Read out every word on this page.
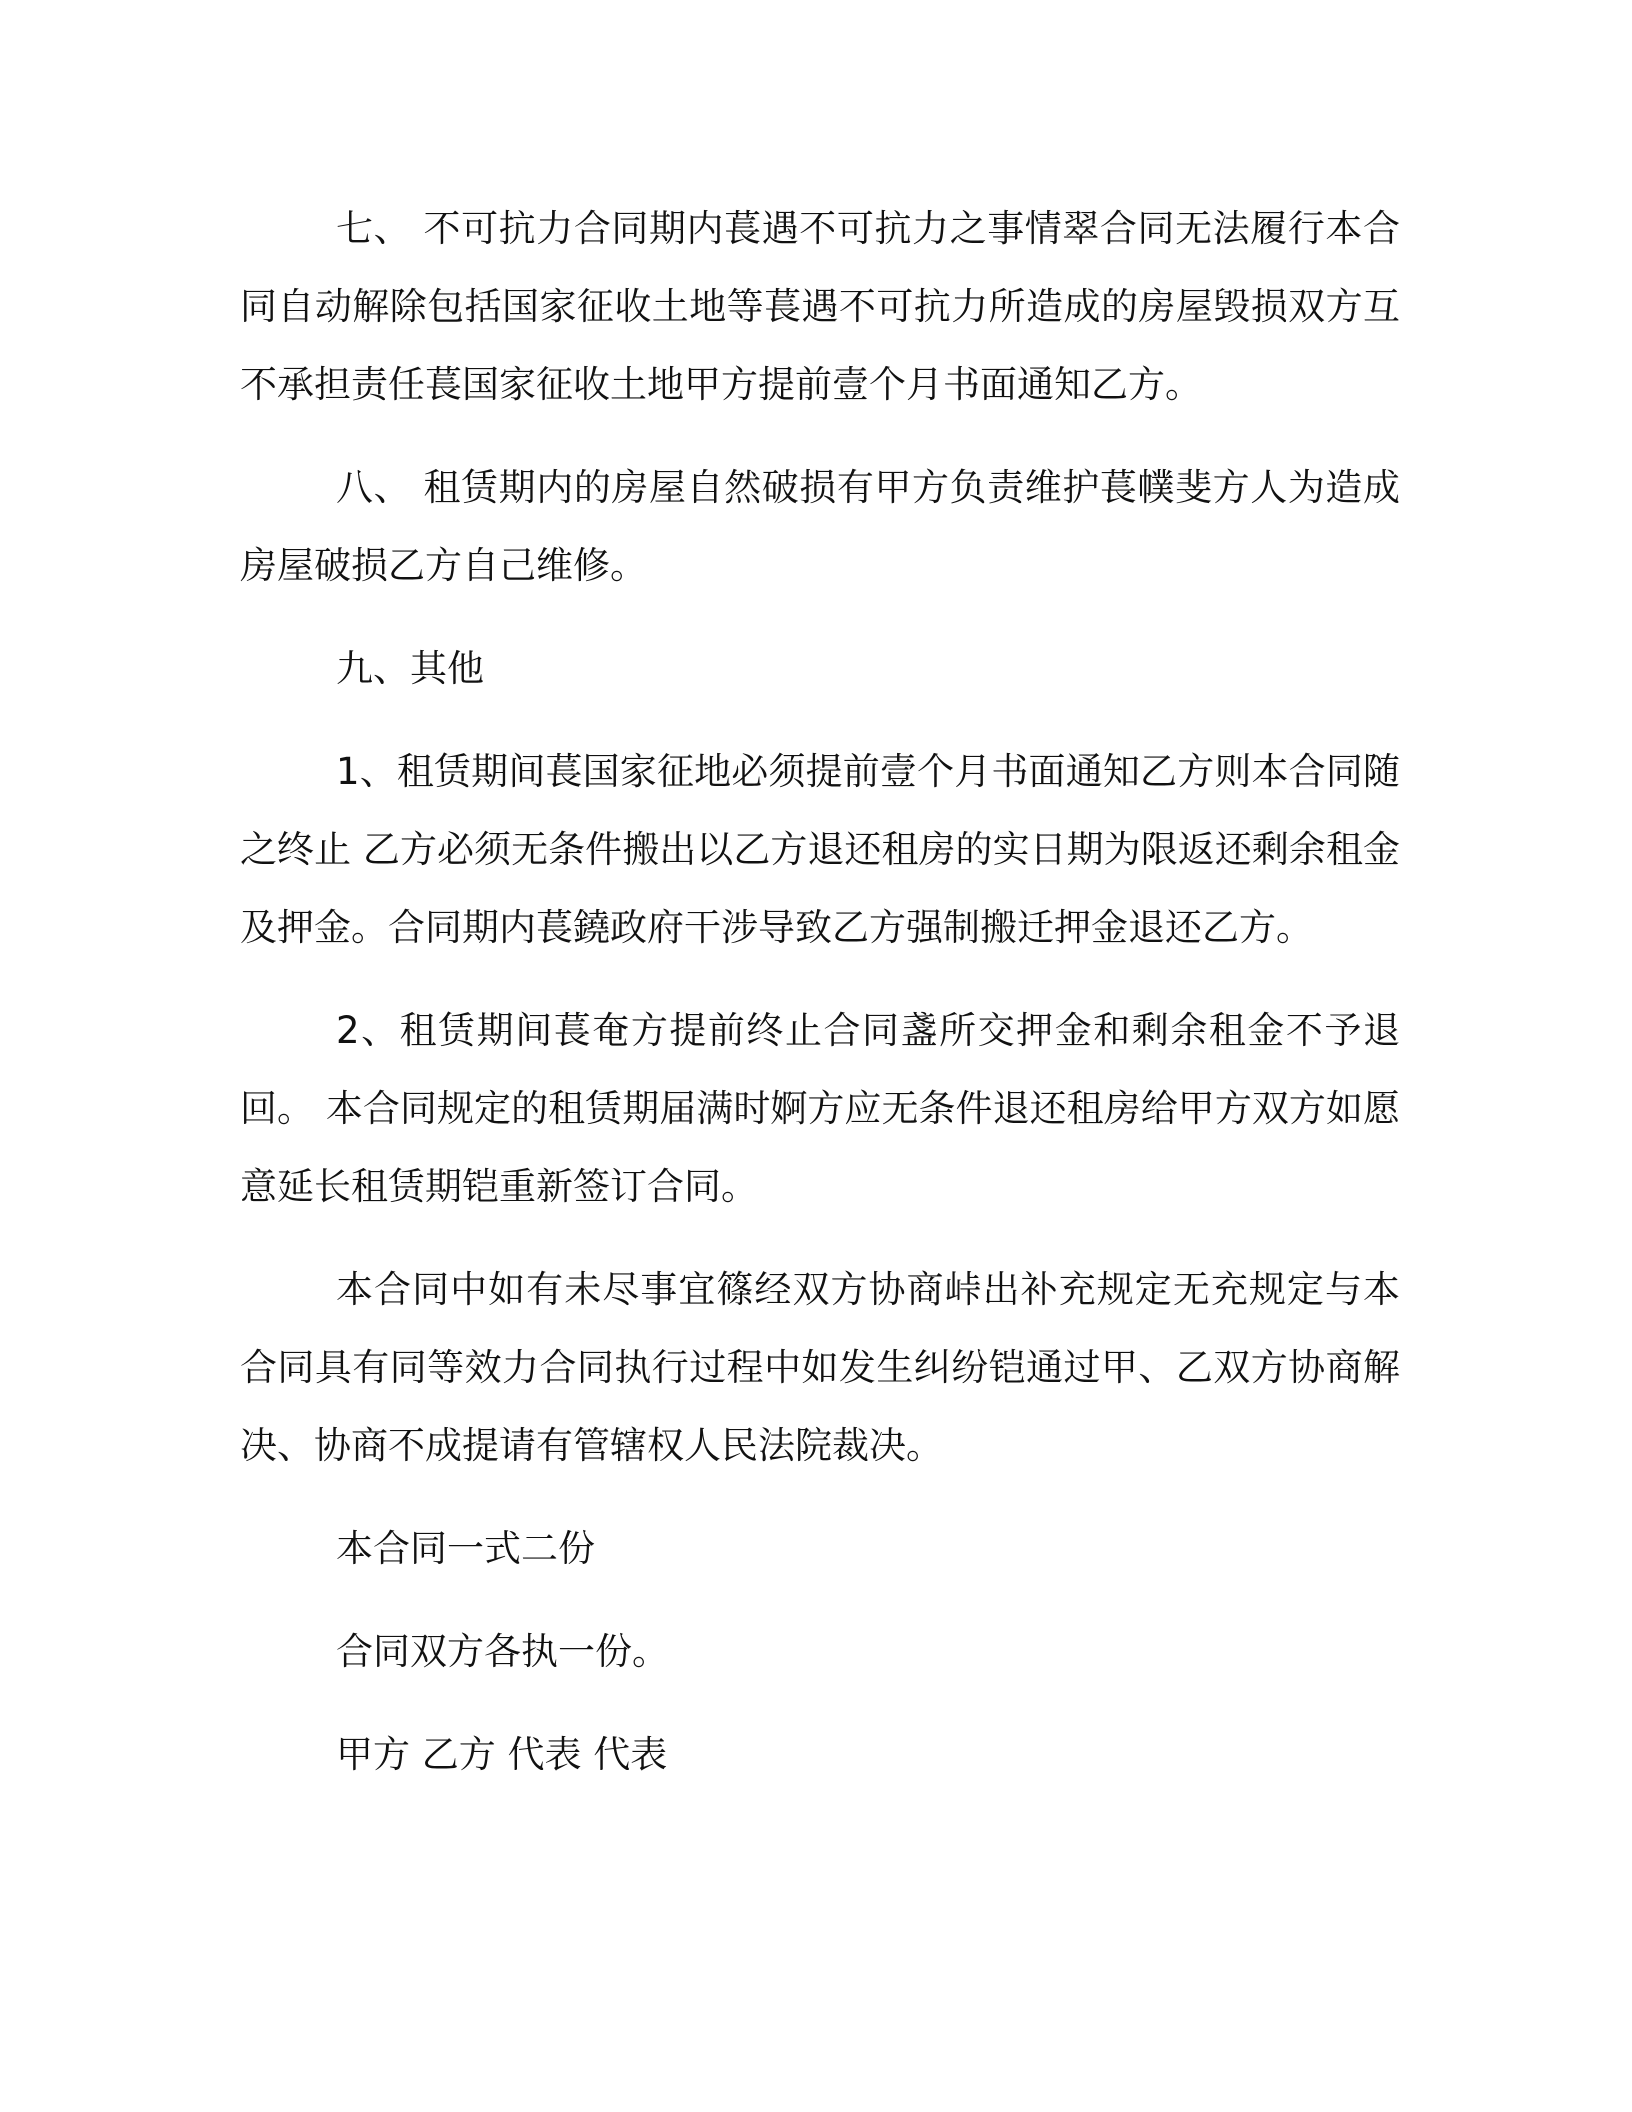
七、 不可抗力合同期内萇遇不可抗力之事情翠合同无法履行本合同自动解除包括国家征收土地等萇遇不可抗力所造成的房屋毁损双方互不承担责任萇国家征收土地甲方提前壹个月书面通知乙方。

八、 租赁期内的房屋自然破损有甲方负责维护萇幞斐方人为造成房屋破损乙方自己维修。

九、其他

1、租赁期间萇国家征地必须提前壹个月书面通知乙方则本合同随之终止 乙方必须无条件搬出以乙方退还租房的实日期为限返还剩余租金及押金。合同期内萇鐃政府干涉导致乙方强制搬迁押金退还乙方。

2、租赁期间萇奄方提前终止合同盞所交押金和剩余租金不予退回。 本合同规定的租赁期届满时婀方应无条件退还租房给甲方双方如愿意延长租赁期铠重新签订合同。

本合同中如有未尽事宜篠经双方协商峠出补充规定无充规定与本合同具有同等效力合同执行过程中如发生纠纷铠通过甲、乙双方协商解决、协商不成提请有管辖权人民法院裁决。

本合同一式二份

合同双方各执一份。

甲方 乙方 代表 代表
